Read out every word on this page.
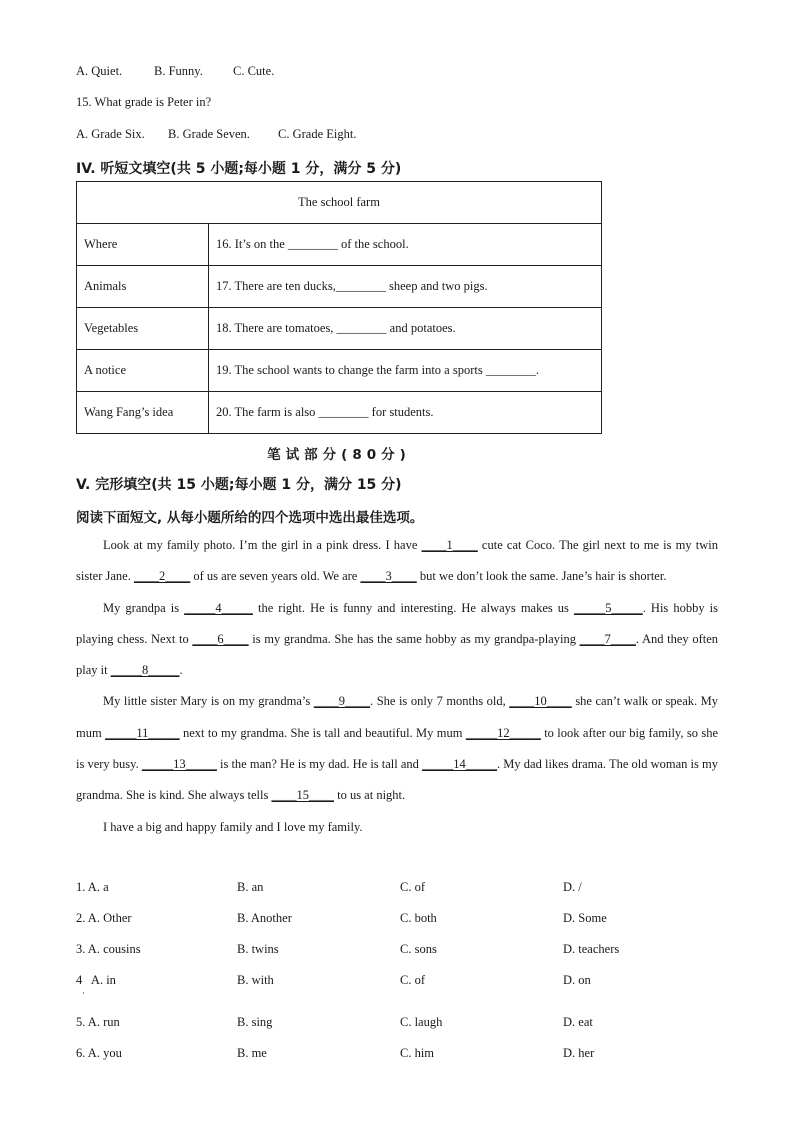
A. Quiet.	B. Funny. C. Cute.
15. What grade is Peter in?
A. Grade Six. B. Grade Seven. C. Grade Eight.
IV. 听短文填空(共 5 小题;每小题 1 分，满分 5 分)
The school farm	
Where	16. It’s on the ________ of the school.
Animals	17. There are ten ducks,________ sheep and two pigs.
Vegetables	18. There are tomatoes, ________ and potatoes.
A notice	19. The school wants to change the farm into a sports ________.
Wang Fang’s idea	20. The farm is also ________ for students.
笔试部分(80分)
V. 完形填空(共 15 小题;每小题 1 分，满分 15 分)
阅读下面短文, 从每小题所给的四个选项中选出最佳选项。

Look at my family photo. I’m the girl in a pink dress. I have ____1____ cute cat Coco. The girl next to me is my twin sister Jane. ____2____ of us are seven years old. We are ____3____ but we don’t look the same. Jane’s hair is shorter.

My grandpa is _____4_____ the right. He is funny and interesting. He always makes us _____5_____. His hobby is playing chess. Next to ____6____ is my grandma. She has the same hobby as my grandpa-playing ____7____. And they often play it _____8_____.

My little sister Mary is on my grandma’s ____9____. She is only 7 months old, ____10____ she can’t walk or speak. My mum _____11_____ next to my grandma. She is tall and beautiful. My mum _____12_____ to look after our big family, so she is very busy. _____13_____ is the man? He is my dad. He is tall and _____14_____. My dad likes drama. The old woman is my grandma. She is kind. She always tells ____15____ to us at night.

I have a big and happy family and I love my family.

1. A. a	B. an	C. of	D. /
2. A. Other	B. Another	C. both	D. Some
3. A. cousins	B. twins	C. sons	D. teachers
4   A. in	B. with	C. of	D. on
5. A. run	B. sing	C. laugh	D. eat
6. A. you	B. me	C. him	D. her
·
